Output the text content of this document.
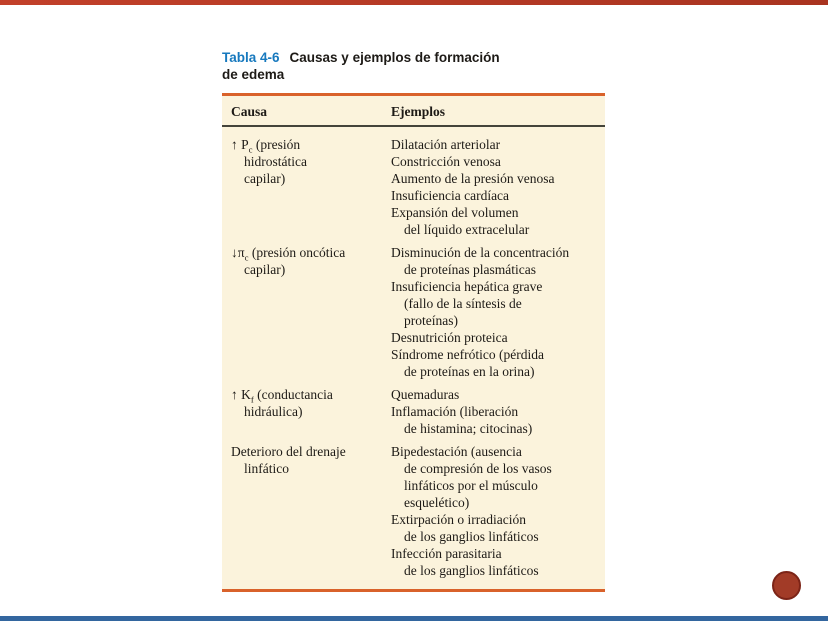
Tabla 4-6 Causas y ejemplos de formación de edema
Causa	Ejemplos
↑ $P_c$ (presión
hidrostática
capilar)
Dilatación arteriolar
Constricción venosa
Aumento de la presión venosa
Insuficiencia cardíaca
Expansión del volumen
del líquido extracelular
$↓\pi_c$ (presión oncótica
capilar)
Disminución de la concentración
de proteínas plasmáticas
Insuficiencia hepática grave
(fallo de la síntesis de
proteínas)
Desnutrición proteica
Síndrome nefrótico (pérdida
de proteínas en la orina)
↑ $K_f$ (conductancia
hidráulica)
Quemaduras
Inflamación (liberación
de histamina; citocinas)
Deterioro del drenaje
linfático
Bipedestación (ausencia
de compresión de los vasos
linfáticos por el músculo
esquelético)
Extirpación o irradiación
de los ganglios linfáticos
Infección parasitaria
de los ganglios linfáticos
